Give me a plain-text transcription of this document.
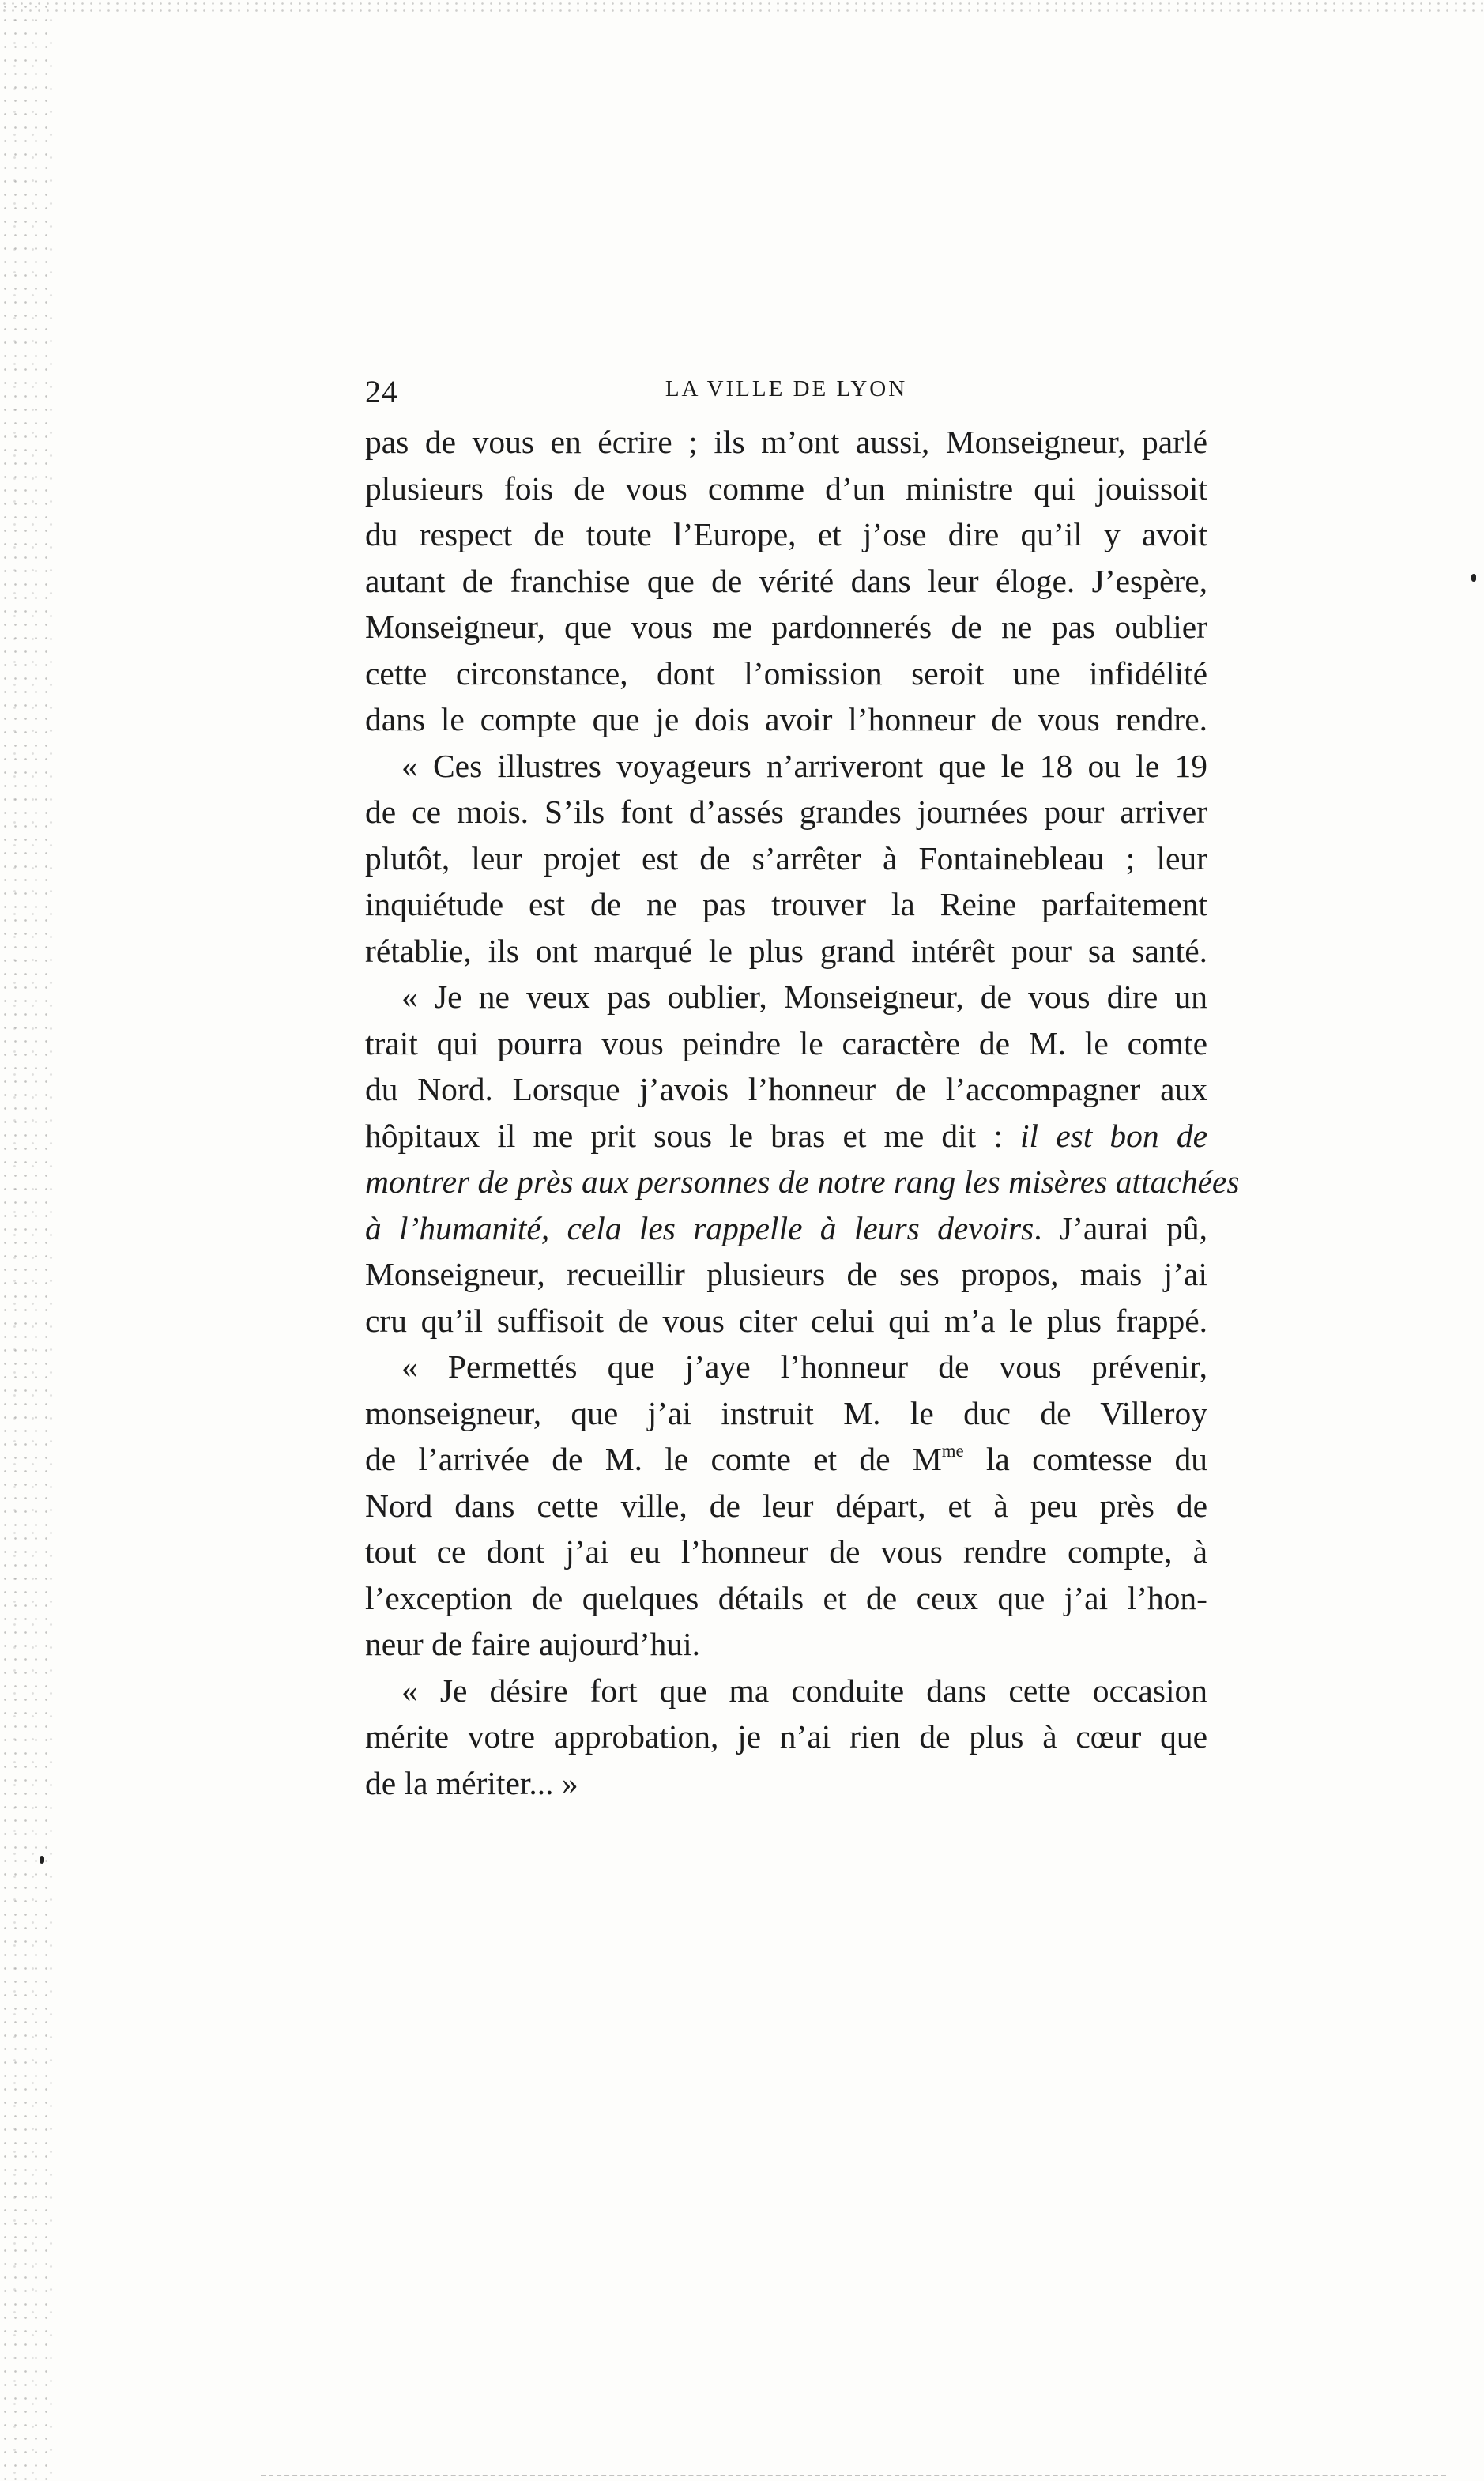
24	LA VILLE DE LYON
pas de vous en écrire ; ils m’ont aussi, Monseigneur, parlé
plusieurs fois de vous comme d’un ministre qui jouissoit
du respect de toute l’Europe, et j’ose dire qu’il y avoit
autant de franchise que de vérité dans leur éloge. J’espère,
Monseigneur, que vous me pardonnerés de ne pas oublier
cette circonstance, dont l’omission seroit une infidélité
dans le compte que je dois avoir l’honneur de vous rendre.
« Ces illustres voyageurs n’arriveront que le 18 ou le 19
de ce mois. S’ils font d’assés grandes journées pour arriver
plutôt, leur projet est de s’arrêter à Fontainebleau ; leur
inquiétude est de ne pas trouver la Reine parfaitement
rétablie, ils ont marqué le plus grand intérêt pour sa santé.
« Je ne veux pas oublier, Monseigneur, de vous dire un
trait qui pourra vous peindre le caractère de M. le comte
du Nord. Lorsque j’avois l’honneur de l’accompagner aux
hôpitaux il me prit sous le bras et me dit : il est bon de
montrer de près aux personnes de notre rang les misères attachées
à l’humanité, cela les rappelle à leurs devoirs. J’aurai pû,
Monseigneur, recueillir plusieurs de ses propos, mais j’ai
cru qu’il suffisoit de vous citer celui qui m’a le plus frappé.
« Permettés que j’aye l’honneur de vous prévenir,
monseigneur, que j’ai instruit M. le duc de Villeroy
de l’arrivée de M. le comte et de $M^{me}$ la comtesse du
Nord dans cette ville, de leur départ, et à peu près de
tout ce dont j’ai eu l’honneur de vous rendre compte, à
l’exception de quelques détails et de ceux que j’ai l’hon-
neur de faire aujourd’hui.
« Je désire fort que ma conduite dans cette occasion
mérite votre approbation, je n’ai rien de plus à cœur que
de la mériter... »
